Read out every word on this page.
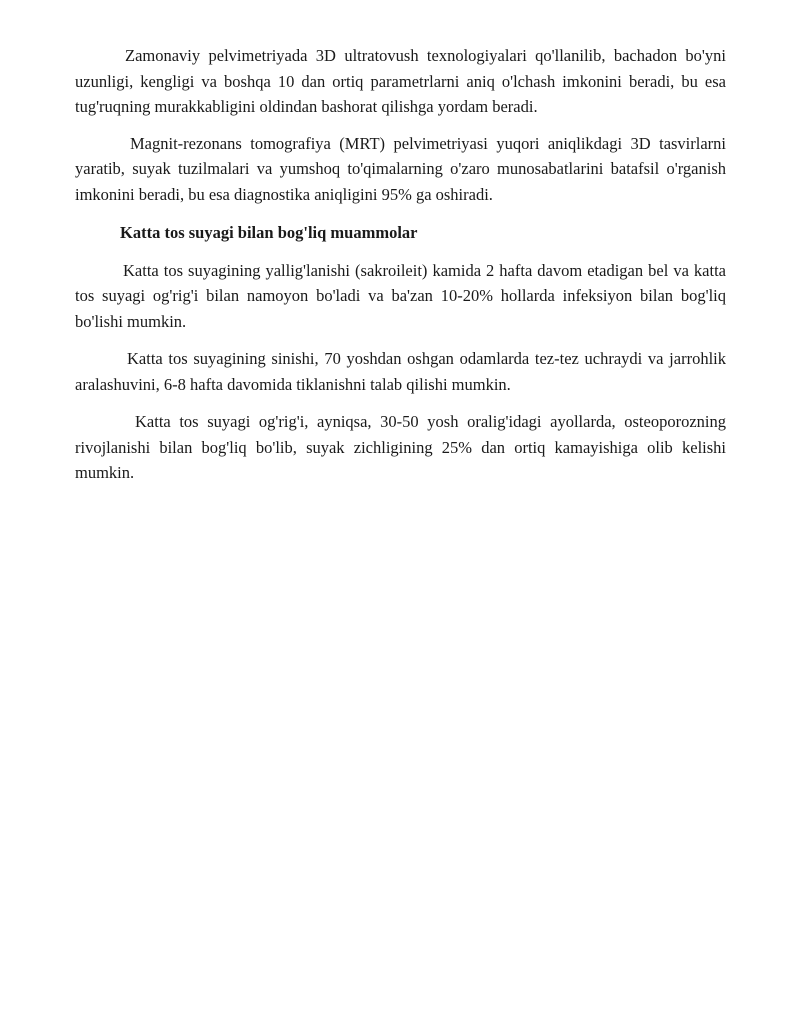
Zamonaviy pelvimetriyada 3D ultratovush texnologiyalari qo'llanilib, bachadon bo'yni uzunligi, kengligi va boshqa 10 dan ortiq parametrlarni aniq o'lchash imkonini beradi, bu esa tug'ruqning murakkabligini oldindan bashorat qilishga yordam beradi.

Magnit-rezonans tomografiya (MRT) pelvimetriyasi yuqori aniqlikdagi 3D tasvirlarni yaratib, suyak tuzilmalari va yumshoq to'qimalarning o'zaro munosabatlarini batafsil o'rganish imkonini beradi, bu esa diagnostika aniqligini 95% ga oshiradi.

Katta tos suyagi bilan bog'liq muammolar

Katta tos suyagining yallig'lanishi (sakroileit) kamida 2 hafta davom etadigan bel va katta tos suyagi og'rig'i bilan namoyon bo'ladi va ba'zan 10-20% hollarda infeksiyon bilan bog'liq bo'lishi mumkin.

Katta tos suyagining sinishi, 70 yoshdan oshgan odamlarda tez-tez uchraydi va jarrohlik aralashuvini, 6-8 hafta davomida tiklanishni talab qilishi mumkin.

Katta tos suyagi og'rig'i, ayniqsa, 30-50 yosh oralig'idagi ayollarda, osteoporozning rivojlanishi bilan bog'liq bo'lib, suyak zichligining 25% dan ortiq kamayishiga olib kelishi mumkin.
